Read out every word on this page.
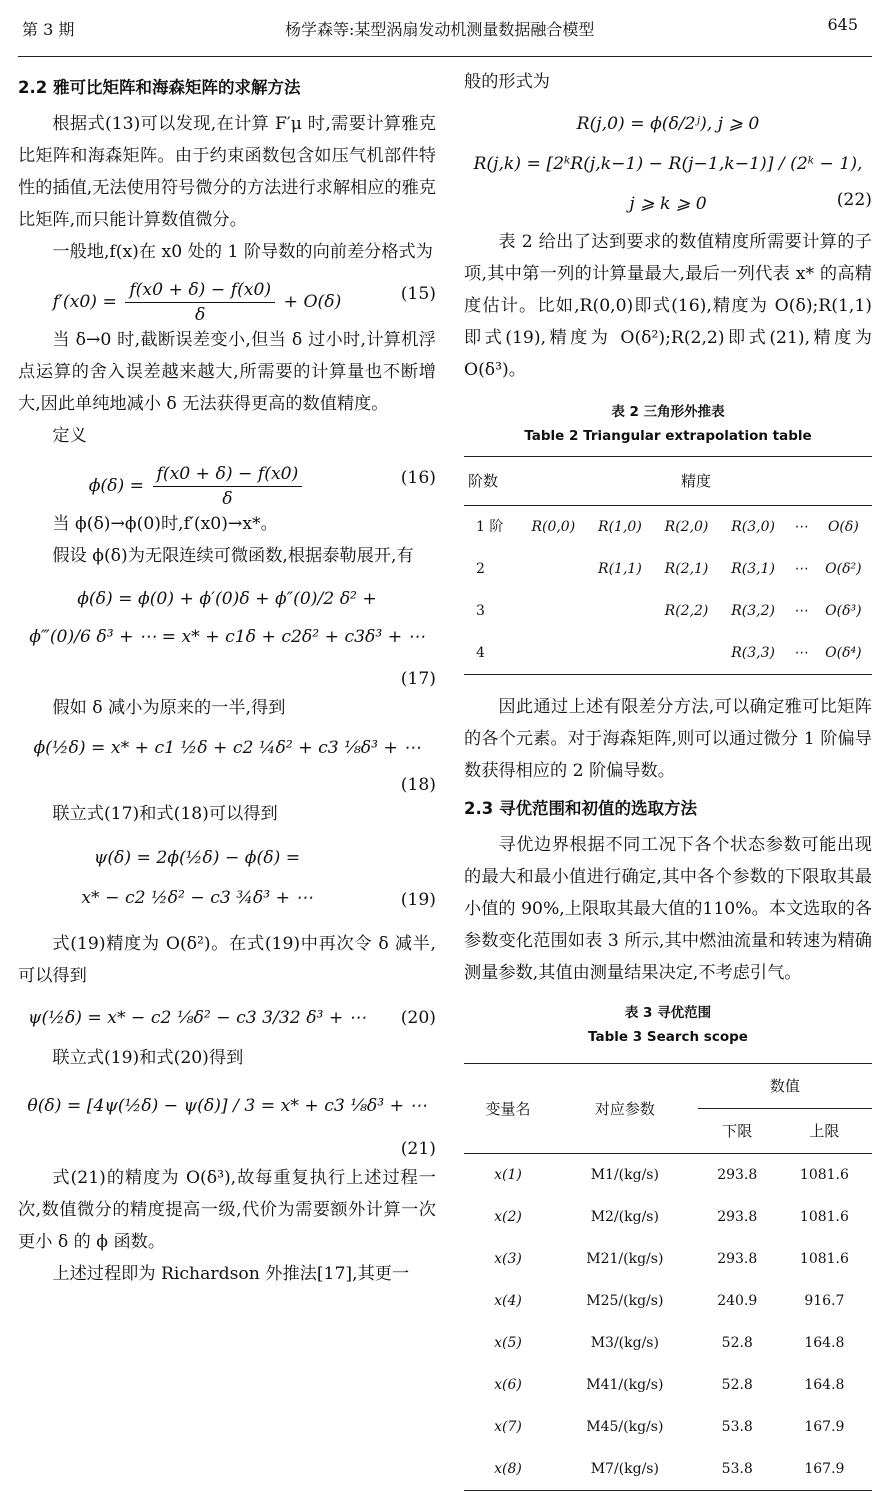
第 3 期	杨学森等:某型涡扇发动机测量数据融合模型	645
2.2 雅可比矩阵和海森矩阵的求解方法

根据式(13)可以发现,在计算 F′μ 时,需要计算雅克比矩阵和海森矩阵。由于约束函数包含如压气机部件特性的插值,无法使用符号微分的方法进行求解相应的雅克比矩阵,而只能计算数值微分。

一般地,f(x)在 x0 处的 1 阶导数的向前差分格式为

$f'(x0) = \frac{f(x0 + \delta) - f(x0)}{\delta} + O(\delta)$	(15)

当 δ→0 时,截断误差变小,但当 δ 过小时,计算机浮点运算的舍入误差越来越大,所需要的计算量也不断增大,因此单纯地减小 δ 无法获得更高的数值精度。

定义

$\phi(\delta) = \frac{f(x0 + \delta) - f(x0)}{\delta}$	(16)

当 ϕ(δ)→ϕ(0)时,f′(x0)→x*。

假设 ϕ(δ)为无限连续可微函数,根据泰勒展开,有

ϕ(δ) = ϕ(0) + ϕ′(0)δ + ϕ″(0)/2 δ² +
ϕ‴(0)/6 δ³ + ⋯ = x* + c1δ + c2δ² + c3δ³ + ⋯
(17)

假如 δ 减小为原来的一半,得到

ϕ(½δ) = x* + c1 ½δ + c2 ¼δ² + c3 ⅛δ³ + ⋯
(18)

联立式(17)和式(18)可以得到

ψ(δ) = 2ϕ(½δ) − ϕ(δ) =
x* − c2 ½δ² − c3 ¾δ³ + ⋯	(19)

式(19)精度为 O(δ²)。在式(19)中再次令 δ 减半,可以得到

ψ(½δ) = x* − c2 ⅛δ² − c3 3/32 δ³ + ⋯	(20)

联立式(19)和式(20)得到

θ(δ) = [4ψ(½δ) − ψ(δ)] / 3 = x* + c3 ⅛δ³ + ⋯
(21)

式(21)的精度为 O(δ³),故每重复执行上述过程一次,数值微分的精度提高一级,代价为需要额外计算一次更小 δ 的 ϕ 函数。

上述过程即为 Richardson 外推法[17],其更一

般的形式为

R(j,0) = ϕ(δ/2ʲ), j ⩾ 0
R(j,k) = [2ᵏR(j,k−1) − R(j−1,k−1)] / (2ᵏ − 1),
j ⩾ k ⩾ 0	(22)

表 2 给出了达到要求的数值精度所需要计算的子项,其中第一列的计算量最大,最后一列代表 x* 的高精度估计。比如,R(0,0)即式(16),精度为 O(δ);R(1,1)即式(19),精度为 O(δ²);R(2,2)即式(21),精度为 O(δ³)。

表 2 三角形外推表
Table 2 Triangular extrapolation table
阶数	精度					
1 阶	R(0,0)	R(1,0)	R(2,0)	R(3,0)	⋯	O(δ)
2		R(1,1)	R(2,1)	R(3,1)	⋯	O(δ²)
3			R(2,2)	R(3,2)	⋯	O(δ³)
4				R(3,3)	⋯	O(δ⁴)

因此通过上述有限差分方法,可以确定雅可比矩阵的各个元素。对于海森矩阵,则可以通过微分 1 阶偏导数获得相应的 2 阶偏导数。

2.3 寻优范围和初值的选取方法

寻优边界根据不同工况下各个状态参数可能出现的最大和最小值进行确定,其中各个参数的下限取其最小值的 90%,上限取其最大值的110%。本文选取的各参数变化范围如表 3 所示,其中燃油流量和转速为精确测量参数,其值由测量结果决定,不考虑引气。

表 3 寻优范围
Table 3 Search scope
变量名	对应参数	数值	
		下限	上限
x(1)	M1/(kg/s)	293.8	1081.6
x(2)	M2/(kg/s)	293.8	1081.6
x(3)	M21/(kg/s)	293.8	1081.6
x(4)	M25/(kg/s)	240.9	916.7
x(5)	M3/(kg/s)	52.8	164.8
x(6)	M41/(kg/s)	52.8	164.8
x(7)	M45/(kg/s)	53.8	167.9
x(8)	M7/(kg/s)	53.8	167.9
